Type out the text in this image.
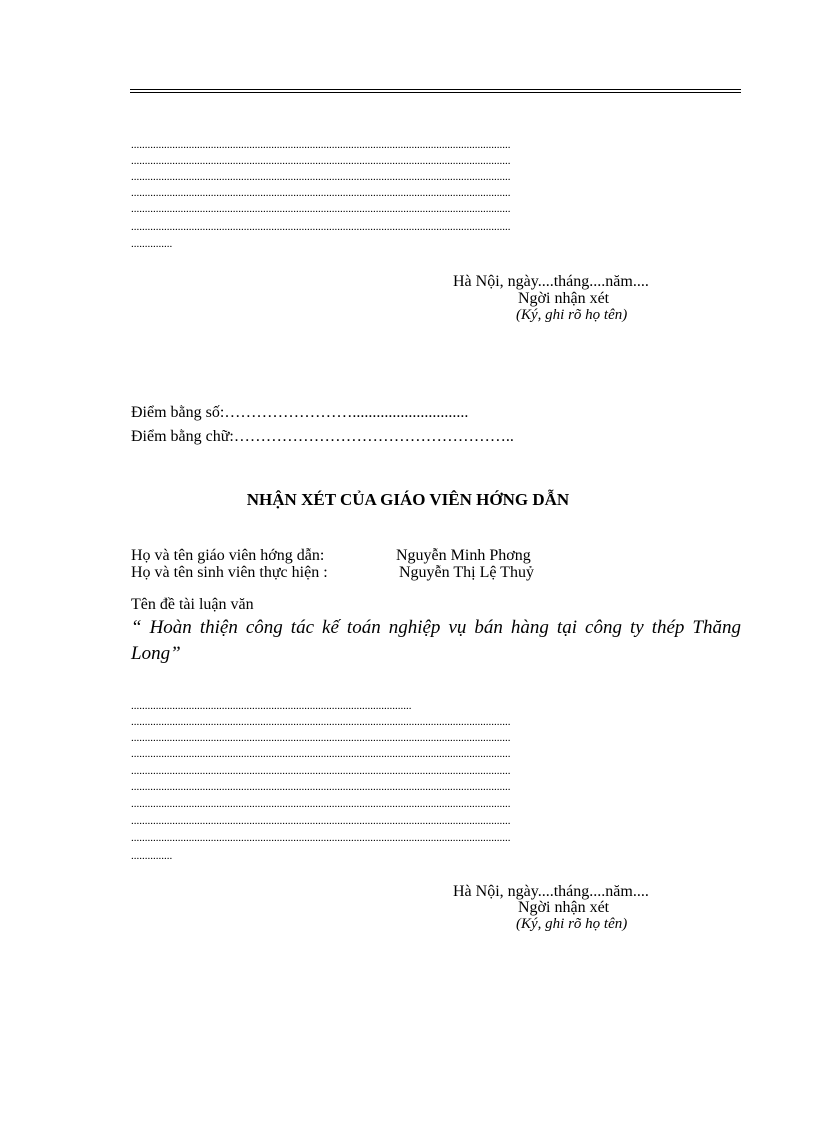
..........................................................................................................................................
..........................................................................................................................................
..........................................................................................................................................
..........................................................................................................................................
..........................................................................................................................................
..........................................................................................................................................
...............
Hà Nội, ngày....tháng....năm....
Ngời nhận xét
(Ký, ghi rõ họ tên)
Điểm bằng số:…………………….............................
Điểm bằng chữ:……………………………………………..
NHẬN XÉT CỦA GIÁO VIÊN HỚNG DẪN
Họ và tên giáo viên hớng dẫn:	Nguyễn Minh Phơng
Họ và tên sinh viên thực hiện :	Nguyễn Thị Lệ Thuỷ
Tên đề tài luận văn
“ Hoàn thiện công tác kế toán nghiệp vụ bán hàng tại công ty thép Thăng Long”
......................................................................................................
..........................................................................................................................................
..........................................................................................................................................
..........................................................................................................................................
..........................................................................................................................................
..........................................................................................................................................
..........................................................................................................................................
..........................................................................................................................................
..........................................................................................................................................
...............
Hà Nội, ngày....tháng....năm....
Ngời nhận xét
(Ký, ghi rõ họ tên)
